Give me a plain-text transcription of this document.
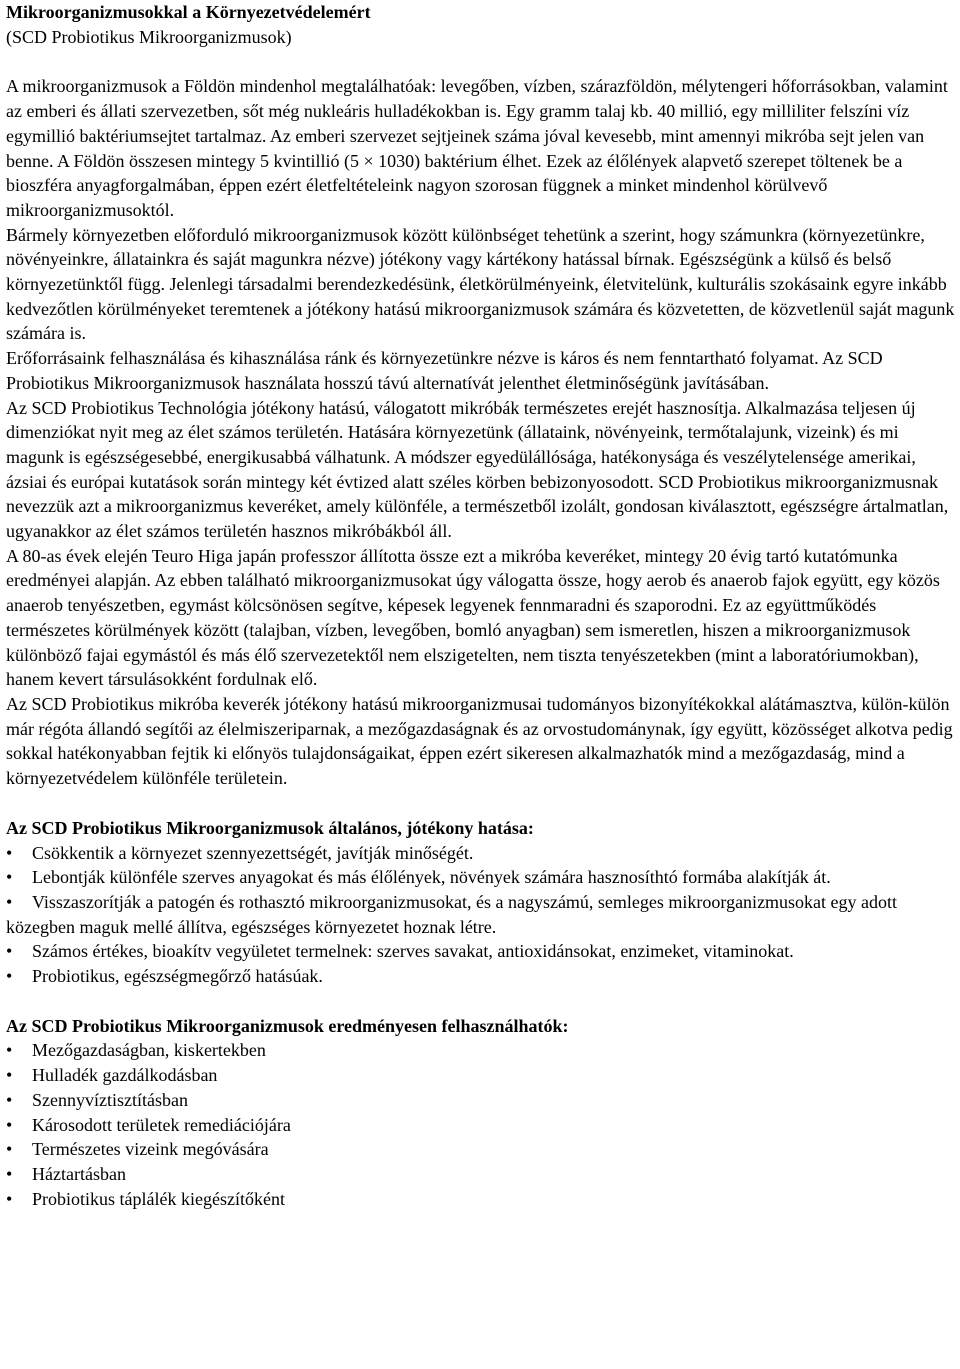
Mikroorganizmusokkal a Környezetvédelemért
(SCD Probiotikus Mikroorganizmusok)

A mikroorganizmusok a Földön mindenhol megtalálhatóak: levegőben, vízben, szárazföldön, mélytengeri hőforrásokban, valamint az emberi és állati szervezetben, sőt még nukleáris hulladékokban is. Egy gramm talaj kb. 40 millió, egy milliliter felszíni víz egymillió baktériumsejtet tartalmaz. Az emberi szervezet sejtjeinek száma jóval kevesebb, mint amennyi mikróba sejt jelen van benne. A Földön összesen mintegy 5 kvintillió (5 × 1030) baktérium élhet. Ezek az élőlények alapvető szerepet töltenek be a bioszféra anyagforgalmában, éppen ezért életfeltételeink nagyon szorosan függnek a minket mindenhol körülvevő mikroorganizmusoktól.

Bármely környezetben előforduló mikroorganizmusok között különbséget tehetünk a szerint, hogy számunkra (környezetünkre, növényeinkre, állatainkra és saját magunkra nézve) jótékony vagy kártékony hatással bírnak. Egészségünk a külső és belső környezetünktől függ. Jelenlegi társadalmi berendezkedésünk, életkörülményeink, életvitelünk, kulturális szokásaink egyre inkább kedvezőtlen körülményeket teremtenek a jótékony hatású mikroorganizmusok számára és közvetetten, de közvetlenül saját magunk számára is.

Erőforrásaink felhasználása és kihasználása ránk és környezetünkre nézve is káros és nem fenntartható folyamat. Az SCD Probiotikus Mikroorganizmusok használata hosszú távú alternatívát jelenthet életminőségünk javításában.

Az SCD Probiotikus Technológia jótékony hatású, válogatott mikróbák természetes erejét hasznosítja. Alkalmazása teljesen új dimenziókat nyit meg az élet számos területén. Hatására környezetünk (állataink, növényeink, termőtalajunk, vizeink) és mi magunk is egészségesebbé, energikusabbá válhatunk. A módszer egyedülállósága, hatékonysága és veszélytelensége amerikai, ázsiai és európai kutatások során mintegy két évtized alatt széles körben bebizonyosodott. SCD Probiotikus mikroorganizmusnak nevezzük azt a mikroorganizmus keveréket, amely különféle, a természetből izolált, gondosan kiválasztott, egészségre ártalmatlan, ugyanakkor az élet számos területén hasznos mikróbákból áll.

A 80-as évek elején Teuro Higa japán professzor állította össze ezt a mikróba keveréket, mintegy 20 évig tartó kutatómunka eredményei alapján. Az ebben található mikroorganizmusokat úgy válogatta össze, hogy aerob és anaerob fajok együtt, egy közös anaerob tenyészetben, egymást kölcsönösen segítve, képesek legyenek fennmaradni és szaporodni. Ez az együttműködés természetes körülmények között (talajban, vízben, levegőben, bomló anyagban) sem ismeretlen, hiszen a mikroorganizmusok különböző fajai egymástól és más élő szervezetektől nem elszigetelten, nem tiszta tenyészetekben (mint a laboratóriumokban), hanem kevert társulásokként fordulnak elő.

Az SCD Probiotikus mikróba keverék jótékony hatású mikroorganizmusai tudományos bizonyítékokkal alátámasztva, külön-külön már régóta állandó segítői az élelmiszeriparnak, a mezőgazdaságnak és az orvostudománynak, így együtt, közösséget alkotva pedig sokkal hatékonyabban fejtik ki előnyös tulajdonságaikat, éppen ezért sikeresen alkalmazhatók mind a mezőgazdaság, mind a környezetvédelem különféle területein.

Az SCD Probiotikus Mikroorganizmusok általános, jótékony hatása:
• Csökkentik a környezet szennyezettségét, javítják minőségét.
• Lebontják különféle szerves anyagokat és más élőlények, növények számára hasznosíthtó formába alakítják át.
• Visszaszorítják a patogén és rothasztó mikroorganizmusokat, és a nagyszámú, semleges mikroorganizmusokat egy adott közegben maguk mellé állítva, egészséges környezetet hoznak létre.
• Számos értékes, bioakítv vegyületet termelnek: szerves savakat, antioxidánsokat, enzimeket, vitaminokat.
• Probiotikus, egészségmegőrző hatásúak.
Az SCD Probiotikus Mikroorganizmusok eredményesen felhasználhatók:
• Mezőgazdaságban, kiskertekben
• Hulladék gazdálkodásban
• Szennyvíztisztításban
• Károsodott területek remediációjára
• Természetes vizeink megóvására
• Háztartásban
• Probiotikus táplálék kiegészítőként
